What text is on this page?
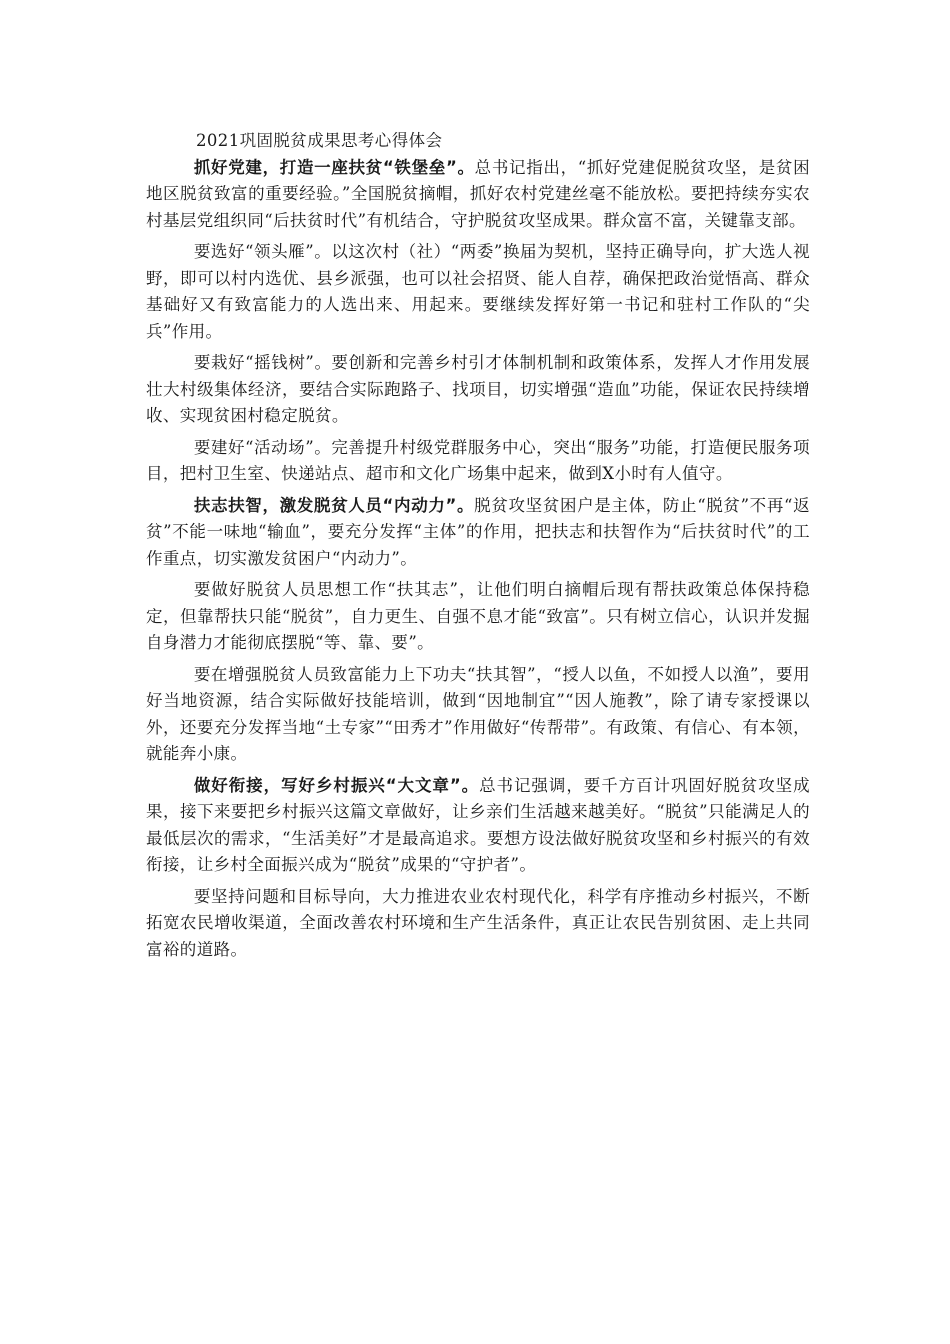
2021巩固脱贫成果思考心得体会

抓好党建，打造一座扶贫“铁堡垒”。总书记指出，“抓好党建促脱贫攻坚，是贫困地区脱贫致富的重要经验。”全国脱贫摘帽，抓好农村党建丝毫不能放松。要把持续夯实农村基层党组织同“后扶贫时代”有机结合，守护脱贫攻坚成果。群众富不富，关键靠支部。

要选好“领头雁”。以这次村（社）“两委”换届为契机，坚持正确导向，扩大选人视野，即可以村内选优、县乡派强，也可以社会招贤、能人自荐，确保把政治觉悟高、群众基础好又有致富能力的人选出来、用起来。要继续发挥好第一书记和驻村工作队的“尖兵”作用。

要栽好“摇钱树”。要创新和完善乡村引才体制机制和政策体系，发挥人才作用发展壮大村级集体经济，要结合实际跑路子、找项目，切实增强“造血”功能，保证农民持续增收、实现贫困村稳定脱贫。

要建好“活动场”。完善提升村级党群服务中心，突出“服务”功能，打造便民服务项目，把村卫生室、快递站点、超市和文化广场集中起来，做到X小时有人值守。

扶志扶智，激发脱贫人员“内动力”。脱贫攻坚贫困户是主体，防止“脱贫”不再“返贫”不能一味地“输血”，要充分发挥“主体”的作用，把扶志和扶智作为“后扶贫时代”的工作重点，切实激发贫困户“内动力”。

要做好脱贫人员思想工作“扶其志”，让他们明白摘帽后现有帮扶政策总体保持稳定，但靠帮扶只能“脱贫”，自力更生、自强不息才能“致富”。只有树立信心，认识并发掘自身潜力才能彻底摆脱“等、靠、要”。

要在增强脱贫人员致富能力上下功夫“扶其智”，“授人以鱼，不如授人以渔”，要用好当地资源，结合实际做好技能培训，做到“因地制宜”“因人施教”，除了请专家授课以外，还要充分发挥当地“土专家”“田秀才”作用做好“传帮带”。有政策、有信心、有本领，就能奔小康。

做好衔接，写好乡村振兴“大文章”。总书记强调，要千方百计巩固好脱贫攻坚成果，接下来要把乡村振兴这篇文章做好，让乡亲们生活越来越美好。“脱贫”只能满足人的最低层次的需求，“生活美好”才是最高追求。要想方设法做好脱贫攻坚和乡村振兴的有效衔接，让乡村全面振兴成为“脱贫”成果的“守护者”。

要坚持问题和目标导向，大力推进农业农村现代化，科学有序推动乡村振兴，不断拓宽农民增收渠道，全面改善农村环境和生产生活条件，真正让农民告别贫困、走上共同富裕的道路。
